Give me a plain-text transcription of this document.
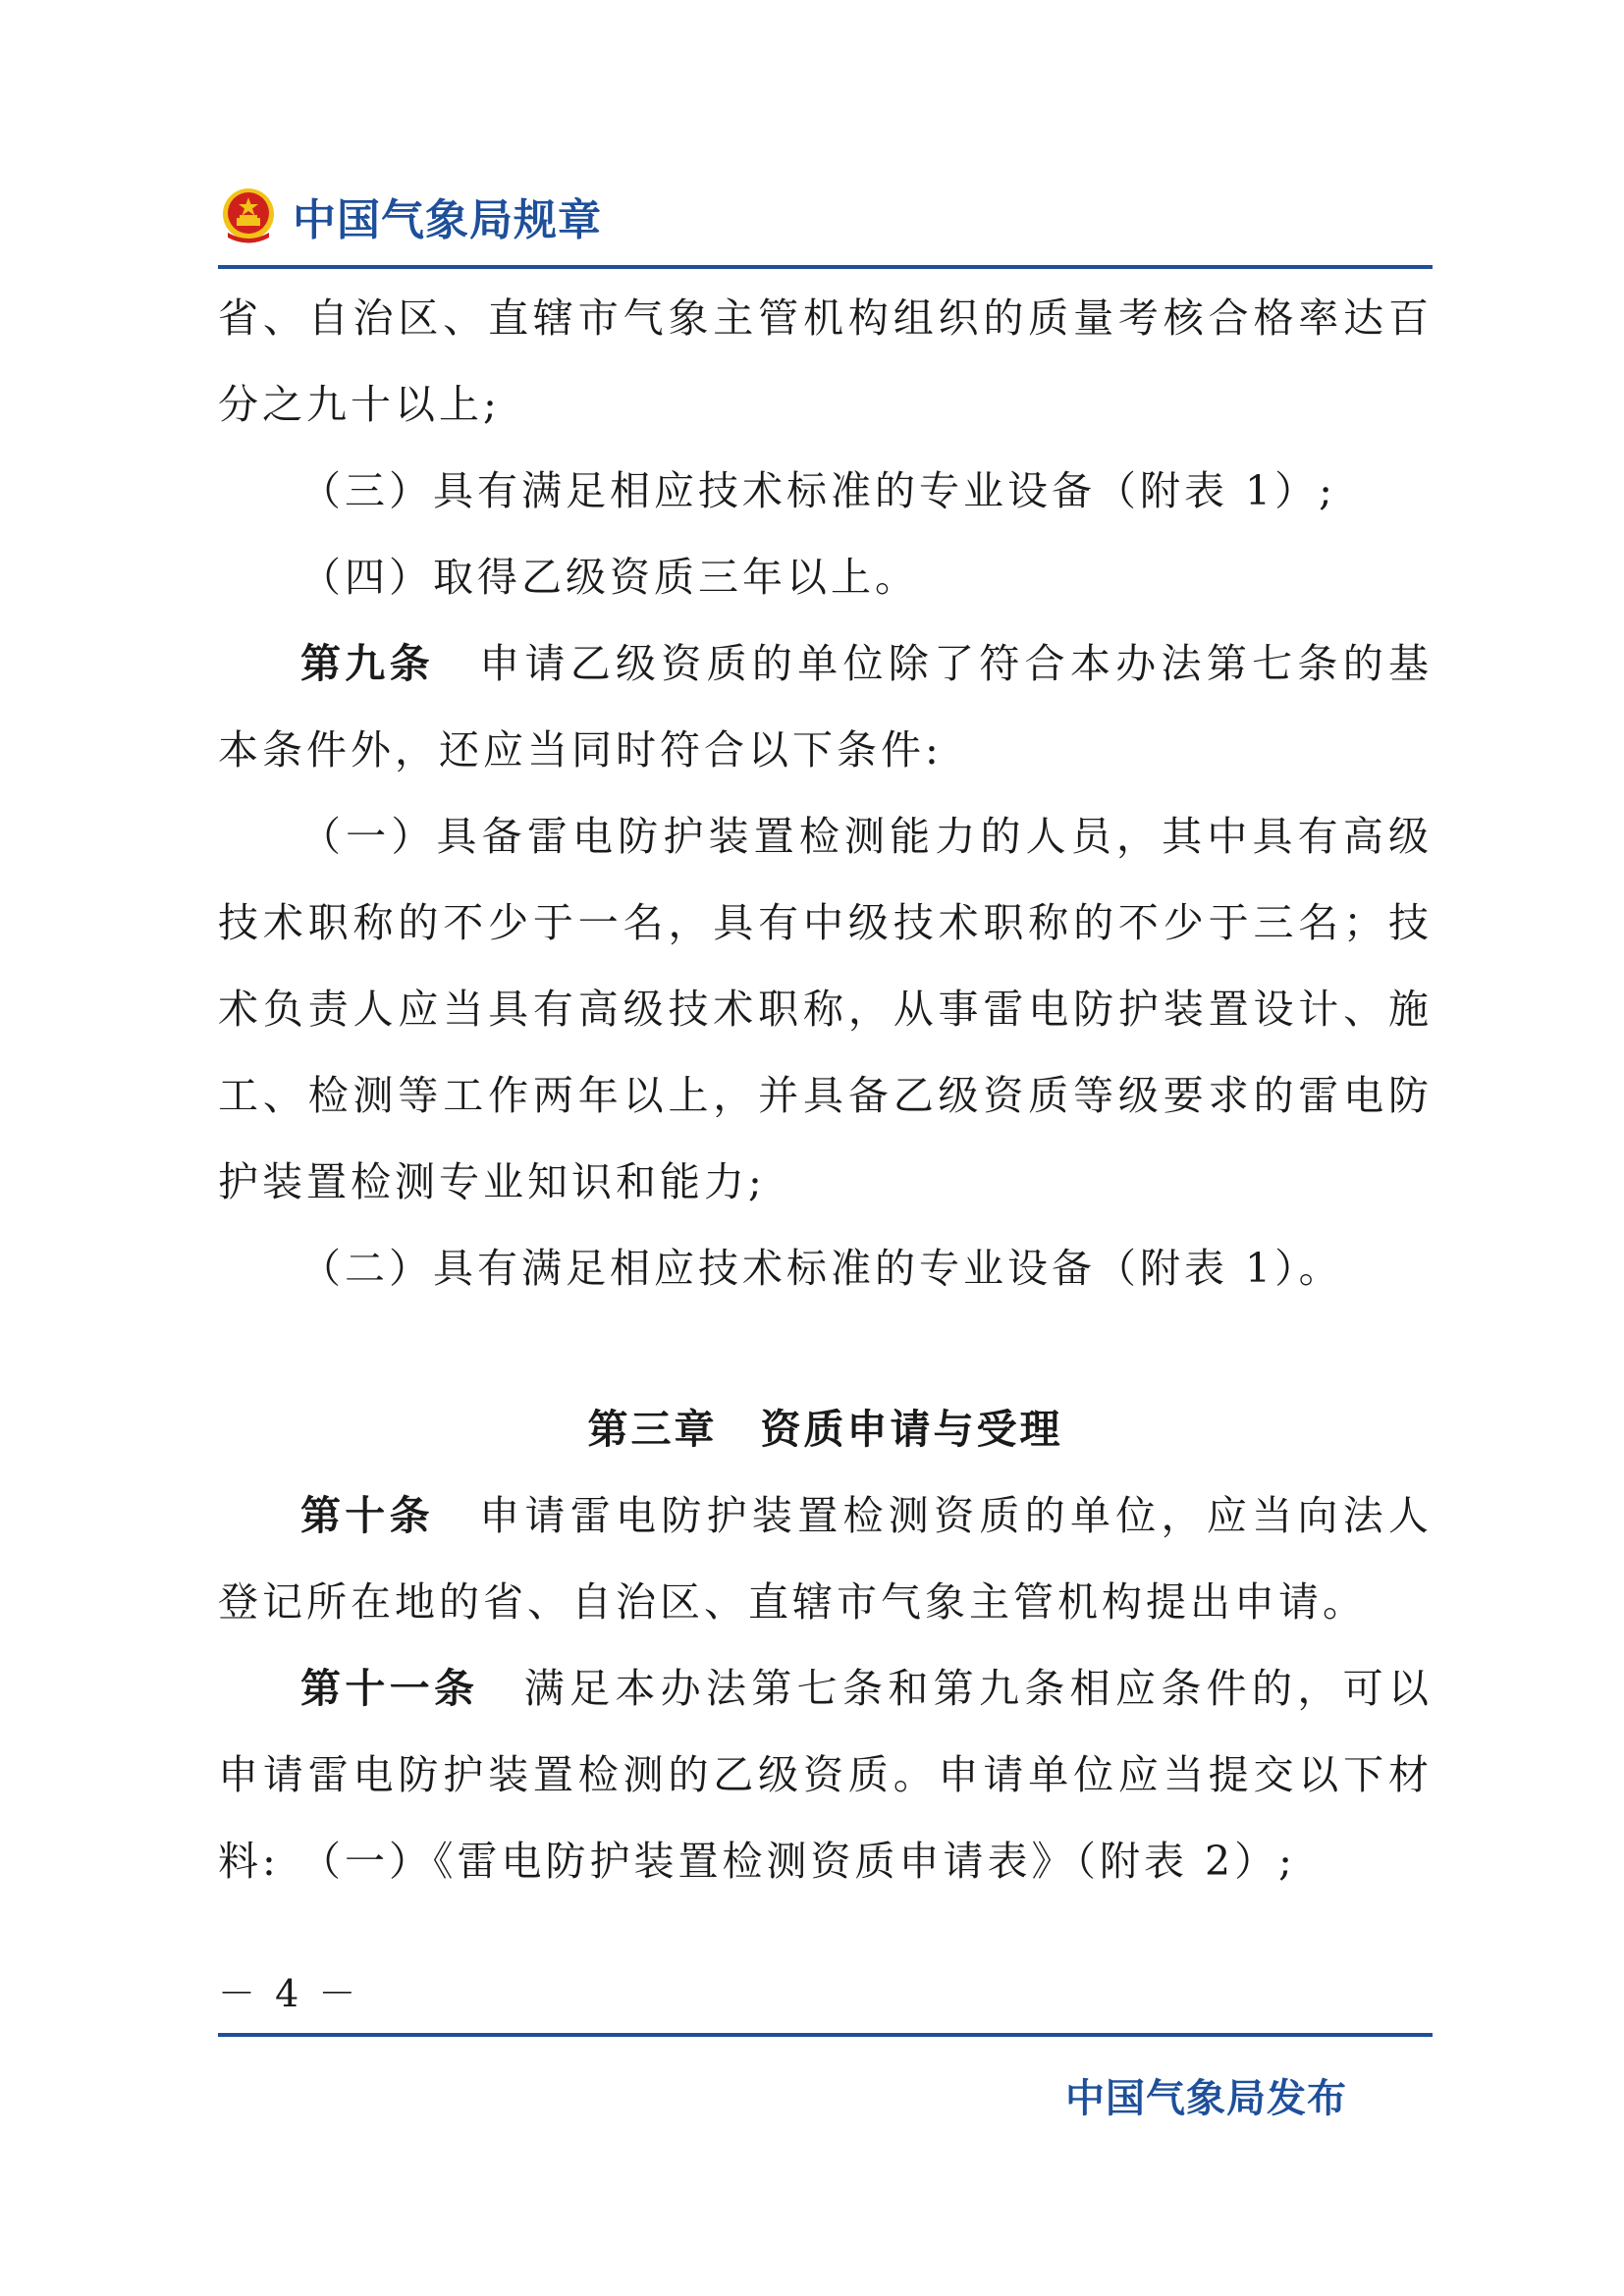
中国气象局规章

省、自治区、直辖市气象主管机构组织的质量考核合格率达百分之九十以上;

（三）具有满足相应技术标准的专业设备（附表 1）;

（四）取得乙级资质三年以上。

第九条　 申请乙级资质的单位除了符合本办法第七条的基本条件外，还应当同时符合以下条件:

（一）具备雷电防护装置检测能力的人员，其中具有高级技术职称的不少于一名，具有中级技术职称的不少于三名；技术负责人应当具有高级技术职称，从事雷电防护装置设计、施工、检测等工作两年以上，并具备乙级资质等级要求的雷电防护装置检测专业知识和能力;

（二）具有满足相应技术标准的专业设备（附表 1）。

第三章　资质申请与受理

第十条　 申请雷电防护装置检测资质的单位，应当向法人登记所在地的省、自治区、直辖市气象主管机构提出申请。

第十一条　 满足本办法第七条和第九条相应条件的，可以申请雷电防护装置检测的乙级资质。申请单位应当提交以下材料: （一）《雷电防护装置检测资质申请表》（附表 2）;

－ 4 －
中国气象局发布
